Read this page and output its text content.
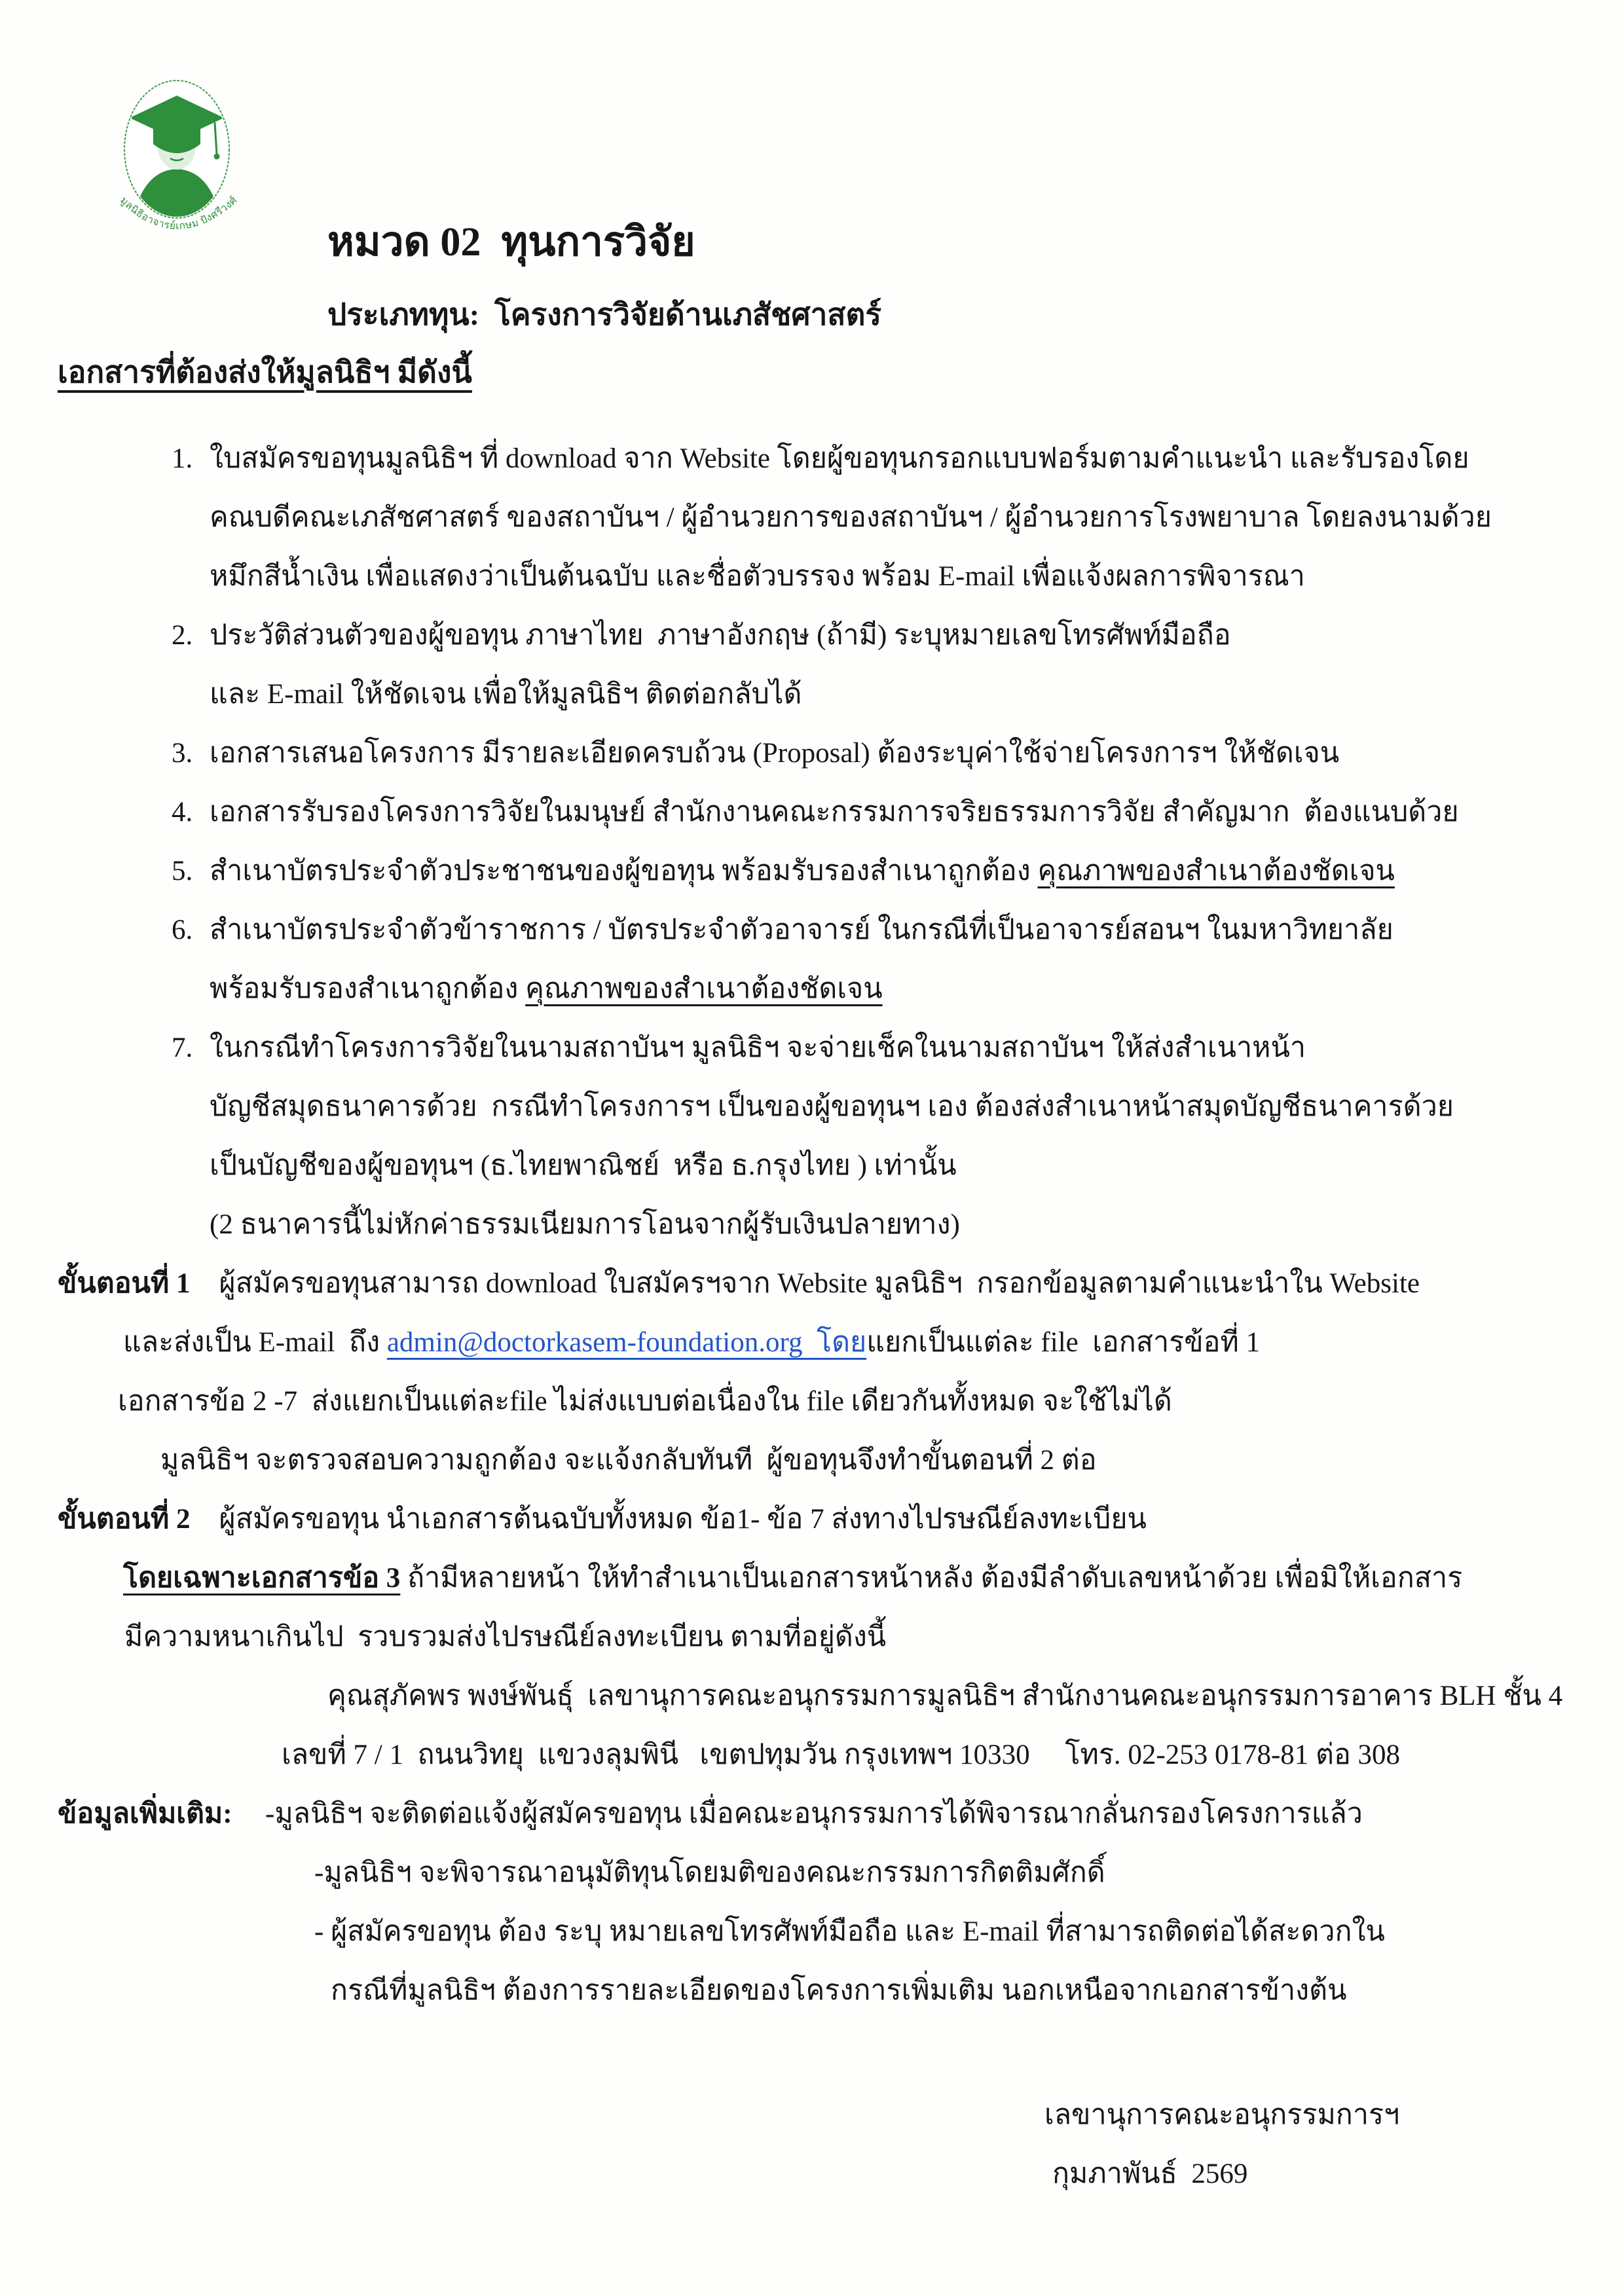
มูลนิธิอาจารย์เกษม ปังศรีวงศ์
หมวด 02  ทุนการวิจัย
ประเภททุน: โครงการวิจัยด้านเภสัชศาสตร์
เอกสารที่ต้องส่งให้มูลนิธิฯ มีดังนี้
1. ใบสมัครขอทุนมูลนิธิฯ ที่ download จาก Website โดยผู้ขอทุนกรอกแบบฟอร์มตามคำแนะนำ และรับรองโดย
คณบดีคณะเภสัชศาสตร์ ของสถาบันฯ / ผู้อำนวยการของสถาบันฯ / ผู้อำนวยการโรงพยาบาล โดยลงนามด้วย
หมึกสีน้ำเงิน เพื่อแสดงว่าเป็นต้นฉบับ และชื่อตัวบรรจง พร้อม E-mail เพื่อแจ้งผลการพิจารณา
2. ประวัติส่วนตัวของผู้ขอทุน ภาษาไทย  ภาษาอังกฤษ (ถ้ามี) ระบุหมายเลขโทรศัพท์มือถือ
และ E-mail ให้ชัดเจน เพื่อให้มูลนิธิฯ ติดต่อกลับได้
3. เอกสารเสนอโครงการ มีรายละเอียดครบถ้วน (Proposal) ต้องระบุค่าใช้จ่ายโครงการฯ ให้ชัดเจน
4. เอกสารรับรองโครงการวิจัยในมนุษย์ สำนักงานคณะกรรมการจริยธรรมการวิจัย สำคัญมาก  ต้องแนบด้วย
5. สำเนาบัตรประจำตัวประชาชนของผู้ขอทุน พร้อมรับรองสำเนาถูกต้อง คุณภาพของสำเนาต้องชัดเจน
6. สำเนาบัตรประจำตัวข้าราชการ / บัตรประจำตัวอาจารย์ ในกรณีที่เป็นอาจารย์สอนฯ ในมหาวิทยาลัย
พร้อมรับรองสำเนาถูกต้อง คุณภาพของสำเนาต้องชัดเจน
7. ในกรณีทำโครงการวิจัยในนามสถาบันฯ มูลนิธิฯ จะจ่ายเช็คในนามสถาบันฯ ให้ส่งสำเนาหน้า
บัญชีสมุดธนาคารด้วย  กรณีทำโครงการฯ เป็นของผู้ขอทุนฯ เอง ต้องส่งสำเนาหน้าสมุดบัญชีธนาคารด้วย
เป็นบัญชีของผู้ขอทุนฯ (ธ.ไทยพาณิชย์  หรือ ธ.กรุงไทย ) เท่านั้น
(2 ธนาคารนี้ไม่หักค่าธรรมเนียมการโอนจากผู้รับเงินปลายทาง)
ขั้นตอนที่ 1 ผู้สมัครขอทุนสามารถ download ใบสมัครฯจาก Website มูลนิธิฯ  กรอกข้อมูลตามคำแนะนำใน Website
และส่งเป็น E-mail  ถึง admin@doctorkasem-foundation.org  โดยแยกเป็นแต่ละ file  เอกสารข้อที่ 1
เอกสารข้อ 2 -7  ส่งแยกเป็นแต่ละfile ไม่ส่งแบบต่อเนื่องใน file เดียวกันทั้งหมด จะใช้ไม่ได้
มูลนิธิฯ จะตรวจสอบความถูกต้อง จะแจ้งกลับทันที  ผู้ขอทุนจึงทำขั้นตอนที่ 2 ต่อ
ขั้นตอนที่ 2 ผู้สมัครขอทุน นำเอกสารต้นฉบับทั้งหมด ข้อ1- ข้อ 7 ส่งทางไปรษณีย์ลงทะเบียน
โดยเฉพาะเอกสารข้อ 3 ถ้ามีหลายหน้า ให้ทำสำเนาเป็นเอกสารหน้าหลัง ต้องมีลำดับเลขหน้าด้วย เพื่อมิให้เอกสาร
มีความหนาเกินไป  รวบรวมส่งไปรษณีย์ลงทะเบียน ตามที่อยู่ดังนี้
คุณสุภัคพร พงษ์พันธุ์  เลขานุการคณะอนุกรรมการมูลนิธิฯ สำนักงานคณะอนุกรรมการอาคาร BLH ชั้น 4
เลขที่ 7 / 1  ถนนวิทยุ  แขวงลุมพินี   เขตปทุมวัน กรุงเทพฯ 10330     โทร. 02-253 0178-81 ต่อ 308
ข้อมูลเพิ่มเติม: -มูลนิธิฯ จะติดต่อแจ้งผู้สมัครขอทุน เมื่อคณะอนุกรรมการได้พิจารณากลั่นกรองโครงการแล้ว
-มูลนิธิฯ จะพิจารณาอนุมัติทุนโดยมติของคณะกรรมการกิตติมศักดิ์
- ผู้สมัครขอทุน ต้อง ระบุ หมายเลขโทรศัพท์มือถือ และ E-mail ที่สามารถติดต่อได้สะดวกใน
กรณีที่มูลนิธิฯ ต้องการรายละเอียดของโครงการเพิ่มเติม นอกเหนือจากเอกสารข้างต้น
เลขานุการคณะอนุกรรมการฯ
กุมภาพันธ์  2569
